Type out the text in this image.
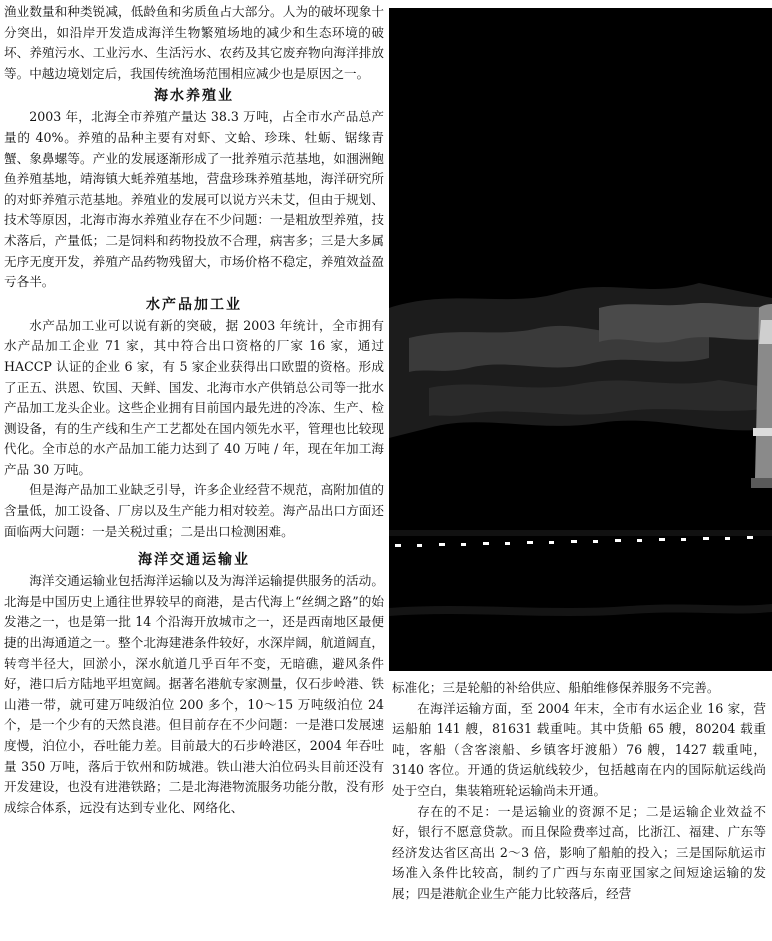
渔业数量和种类锐减，低龄鱼和劣质鱼占大部分。人为的破坏现象十分突出，如沿岸开发造成海洋生物繁殖场地的减少和生态环境的破坏、养殖污水、工业污水、生活污水、农药及其它废弃物向海洋排放等。中越边境划定后，我国传统渔场范围相应减少也是原因之一。

海水养殖业

2003 年，北海全市养殖产量达 38.3 万吨，占全市水产品总产量的 40%。养殖的品种主要有对虾、文蛤、珍珠、牡蛎、锯缘青蟹、象鼻螺等。产业的发展逐渐形成了一批养殖示范基地，如涠洲鲍鱼养殖基地，靖海镇大蚝养殖基地，营盘珍珠养殖基地，海洋研究所的对虾养殖示范基地。养殖业的发展可以说方兴未艾，但由于规划、技术等原因，北海市海水养殖业存在不少问题：一是粗放型养殖，技术落后，产量低；二是饲料和药物投放不合理，病害多；三是大多属无序无度开发，养殖产品药物残留大，市场价格不稳定，养殖效益盈亏各半。

水产品加工业

水产品加工业可以说有新的突破，据 2003 年统计，全市拥有水产品加工企业 71 家，其中符合出口资格的厂家 16 家，通过 HACCP 认证的企业 6 家，有 5 家企业获得出口欧盟的资格。形成了正五、洪恩、钦国、天鲜、国发、北海市水产供销总公司等一批水产品加工龙头企业。这些企业拥有目前国内最先进的冷冻、生产、检测设备，有的生产线和生产工艺都处在国内领先水平，管理也比较现代化。全市总的水产品加工能力达到了 40 万吨 / 年，现在年加工海产品 30 万吨。

但是海产品加工业缺乏引导，许多企业经营不规范，高附加值的含量低，加工设备、厂房以及生产能力相对较差。海产品出口方面还面临两大问题：一是关税过重；二是出口检测困难。

海洋交通运输业

海洋交通运输业包括海洋运输以及为海洋运输提供服务的活动。北海是中国历史上通往世界较早的商港，是古代海上“丝绸之路”的始发港之一，也是第一批 14 个沿海开放城市之一，还是西南地区最便捷的出海通道之一。整个北海建港条件较好，水深岸阔，航道阔直，转弯半径大，回淤小，深水航道几乎百年不变，无暗礁，避风条件好，港口后方陆地平坦宽阔。据著名港航专家测量，仅石步岭港、铁山港一带，就可建万吨级泊位 200 多个，10～15 万吨级泊位 24 个，是一个少有的天然良港。但目前存在不少问题：一是港口发展速度慢，泊位小，吞吐能力差。目前最大的石步岭港区，2004 年吞吐量 350 万吨，落后于钦州和防城港。铁山港大泊位码头目前还没有开发建设，也没有进港铁路；二是北海港物流服务功能分散，没有形成综合体系，远没有达到专业化、网络化、

标准化；三是轮船的补给供应、船舶维修保养服务不完善。

在海洋运输方面，至 2004 年末，全市有水运企业 16 家，营运船舶 141 艘，81631 载重吨。其中货船 65 艘，80204 载重吨，客船（含客滚船、乡镇客圩渡船）76 艘，1427 载重吨，3140 客位。开通的货运航线较少，包括越南在内的国际航运线尚处于空白，集装箱班轮运输尚未开通。

存在的不足：一是运输业的资源不足；二是运输企业效益不好，银行不愿意贷款。而且保险费率过高，比浙江、福建、广东等经济发达省区高出 2～3 倍，影响了船舶的投入；三是国际航运市场准入条件比较高，制约了广西与东南亚国家之间短途运输的发展；四是港航企业生产能力比较落后，经营
